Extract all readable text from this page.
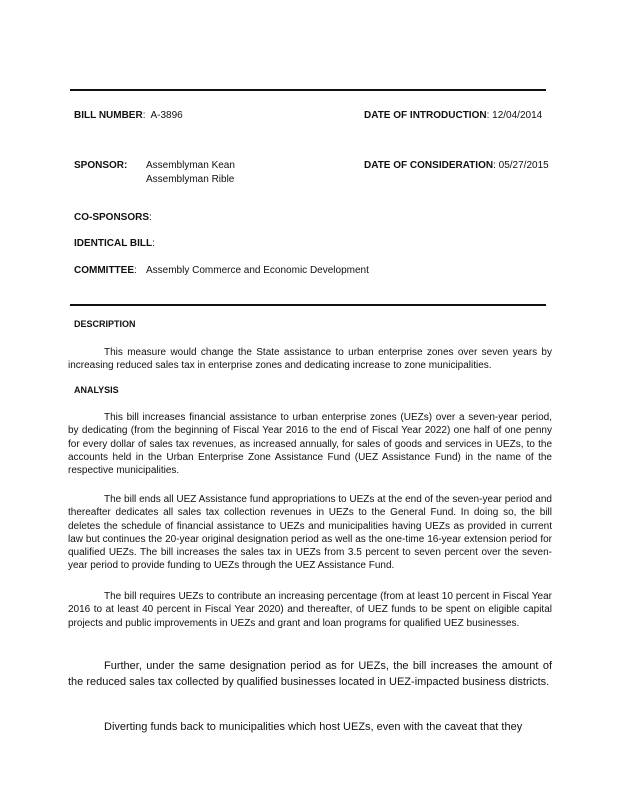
BILL NUMBER: A-3896	DATE OF INTRODUCTION: 12/04/2014
SPONSOR: Assemblyman Kean
Assemblyman Rible
DATE OF CONSIDERATION: 05/27/2015
CO-SPONSORS:
IDENTICAL BILL:
COMMITTEE: Assembly Commerce and Economic Development
DESCRIPTION
This measure would change the State assistance to urban enterprise zones over seven years by increasing reduced sales tax in enterprise zones and dedicating increase to zone municipalities.
ANALYSIS
This bill increases financial assistance to urban enterprise zones (UEZs) over a seven-year period, by dedicating (from the beginning of Fiscal Year 2016 to the end of Fiscal Year 2022) one half of one penny for every dollar of sales tax revenues, as increased annually, for sales of goods and services in UEZs, to the accounts held in the Urban Enterprise Zone Assistance Fund (UEZ Assistance Fund) in the name of the respective municipalities.
The bill ends all UEZ Assistance fund appropriations to UEZs at the end of the seven-year period and thereafter dedicates all sales tax collection revenues in UEZs to the General Fund. In doing so, the bill deletes the schedule of financial assistance to UEZs and municipalities having UEZs as provided in current law but continues the 20-year original designation period as well as the one-time 16-year extension period for qualified UEZs. The bill increases the sales tax in UEZs from 3.5 percent to seven percent over the seven-year period to provide funding to UEZs through the UEZ Assistance Fund.
The bill requires UEZs to contribute an increasing percentage (from at least 10 percent in Fiscal Year 2016 to at least 40 percent in Fiscal Year 2020) and thereafter, of UEZ funds to be spent on eligible capital projects and public improvements in UEZs and grant and loan programs for qualified UEZ businesses.
Further, under the same designation period as for UEZs, the bill increases the amount of the reduced sales tax collected by qualified businesses located in UEZ-impacted business districts.
Diverting funds back to municipalities which host UEZs, even with the caveat that they
